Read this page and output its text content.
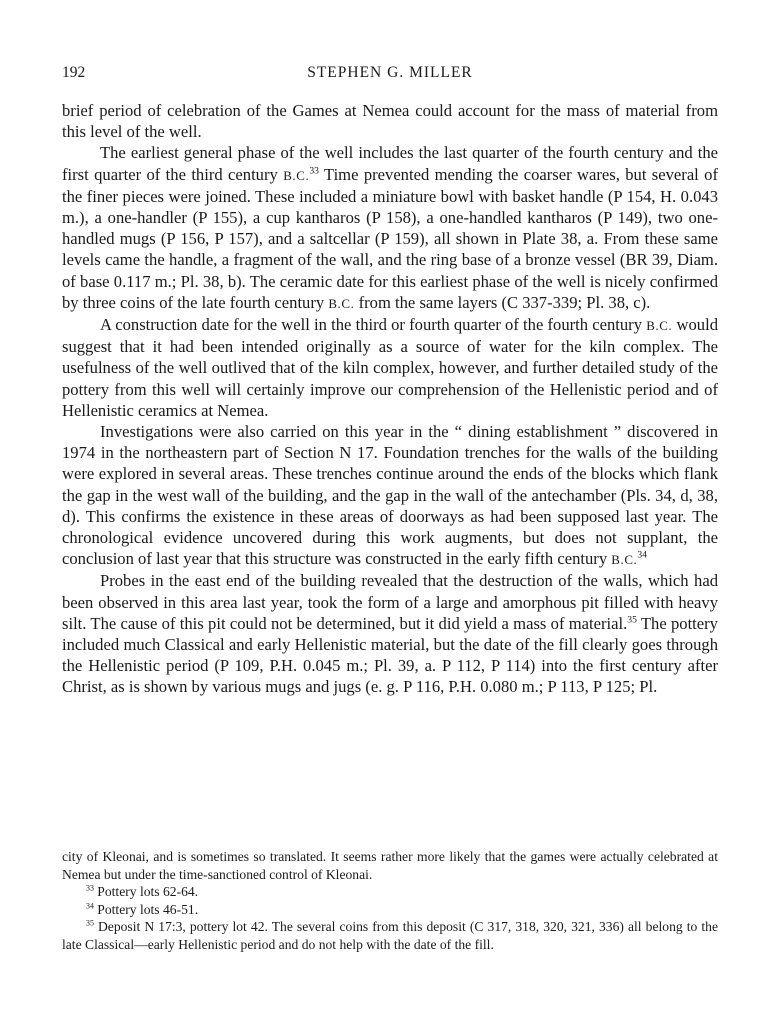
192	STEPHEN G. MILLER

brief period of celebration of the Games at Nemea could account for the mass of material from this level of the well.

The earliest general phase of the well includes the last quarter of the fourth century and the first quarter of the third century B.C.$^{33}$ Time prevented mending the coarser wares, but several of the finer pieces were joined. These included a miniature bowl with basket handle (P 154, H. 0.043 m.), a one-handler (P 155), a cup kantharos (P 158), a one-handled kantharos (P 149), two one-handled mugs (P 156, P 157), and a saltcellar (P 159), all shown in Plate 38, a. From these same levels came the handle, a fragment of the wall, and the ring base of a bronze vessel (BR 39, Diam. of base 0.117 m.; Pl. 38, b). The ceramic date for this earliest phase of the well is nicely confirmed by three coins of the late fourth century B.C. from the same layers (C 337-339; Pl. 38, c).

A construction date for the well in the third or fourth quarter of the fourth century B.C. would suggest that it had been intended originally as a source of water for the kiln complex. The usefulness of the well outlived that of the kiln complex, however, and further detailed study of the pottery from this well will certainly improve our comprehension of the Hellenistic period and of Hellenistic ceramics at Nemea.

Investigations were also carried on this year in the “ dining establishment ” discovered in 1974 in the northeastern part of Section N 17. Foundation trenches for the walls of the building were explored in several areas. These trenches continue around the ends of the blocks which flank the gap in the west wall of the building, and the gap in the wall of the antechamber (Pls. 34, d, 38, d). This confirms the existence in these areas of doorways as had been supposed last year. The chronological evidence uncovered during this work augments, but does not supplant, the conclusion of last year that this structure was constructed in the early fifth century B.C.$^{34}$

Probes in the east end of the building revealed that the destruction of the walls, which had been observed in this area last year, took the form of a large and amorphous pit filled with heavy silt. The cause of this pit could not be determined, but it did yield a mass of material.$^{35}$ The pottery included much Classical and early Hellenistic material, but the date of the fill clearly goes through the Hellenistic period (P 109, P.H. 0.045 m.; Pl. 39, a. P 112, P 114) into the first century after Christ, as is shown by various mugs and jugs (e. g. P 116, P.H. 0.080 m.; P 113, P 125; Pl.

city of Kleonai, and is sometimes so translated. It seems rather more likely that the games were actually celebrated at Nemea but under the time-sanctioned control of Kleonai.

$^{33}$ Pottery lots 62-64.

$^{34}$ Pottery lots 46-51.

$^{35}$ Deposit N 17:3, pottery lot 42. The several coins from this deposit (C 317, 318, 320, 321, 336) all belong to the late Classical—early Hellenistic period and do not help with the date of the fill.
